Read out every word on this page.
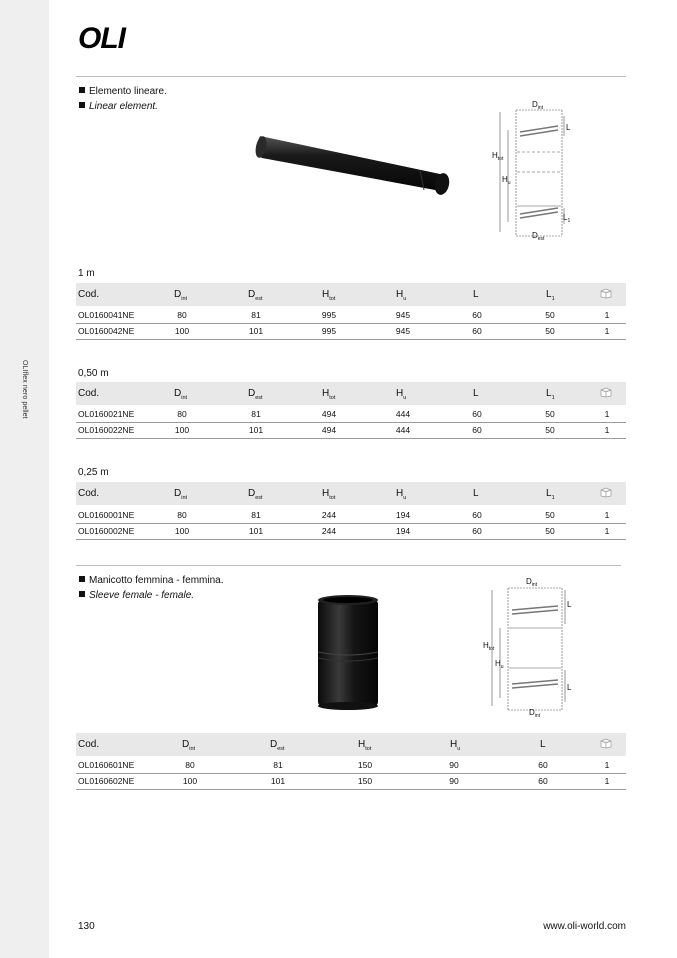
OLIflex nero pellet
OLI
Elemento lineare.
Linear element.	$D_{int}$
L
$H_{tot}$
$H_u$
$L_1$
$D_{est}$
1 m
Cod.	$D_{int}$	$D_{est}$	$H_{tot}$	$H_u$	L	$L_1$
OL0160041NE	80	81	995	945	60	50	1
OL0160042NE	100	101	995	945	60	50	1
0,50 m
Cod.	$D_{int}$	$D_{est}$	$H_{tot}$	$H_u$	L	$L_1$
OL0160021NE	80	81	494	444	60	50	1
OL0160022NE	100	101	494	444	60	50	1
0,25 m
Cod.	$D_{int}$	$D_{est}$	$H_{tot}$	$H_u$	L	$L_1$
OL0160001NE	80	81	244	194	60	50	1
OL0160002NE	100	101	244	194	60	50	1
Manicotto femmina - femmina.
Sleeve female - female.
$D_{int}$
L
$H_{tot}$
$H_u$
L
$D_{int}$
Cod.	$D_{int}$	$D_{est}$	$H_{tot}$	$H_u$	L
OL0160601NE	80	81	150	90	60	1
OL0160602NE	100	101	150	90	60	1
130	www.oli-world.com
